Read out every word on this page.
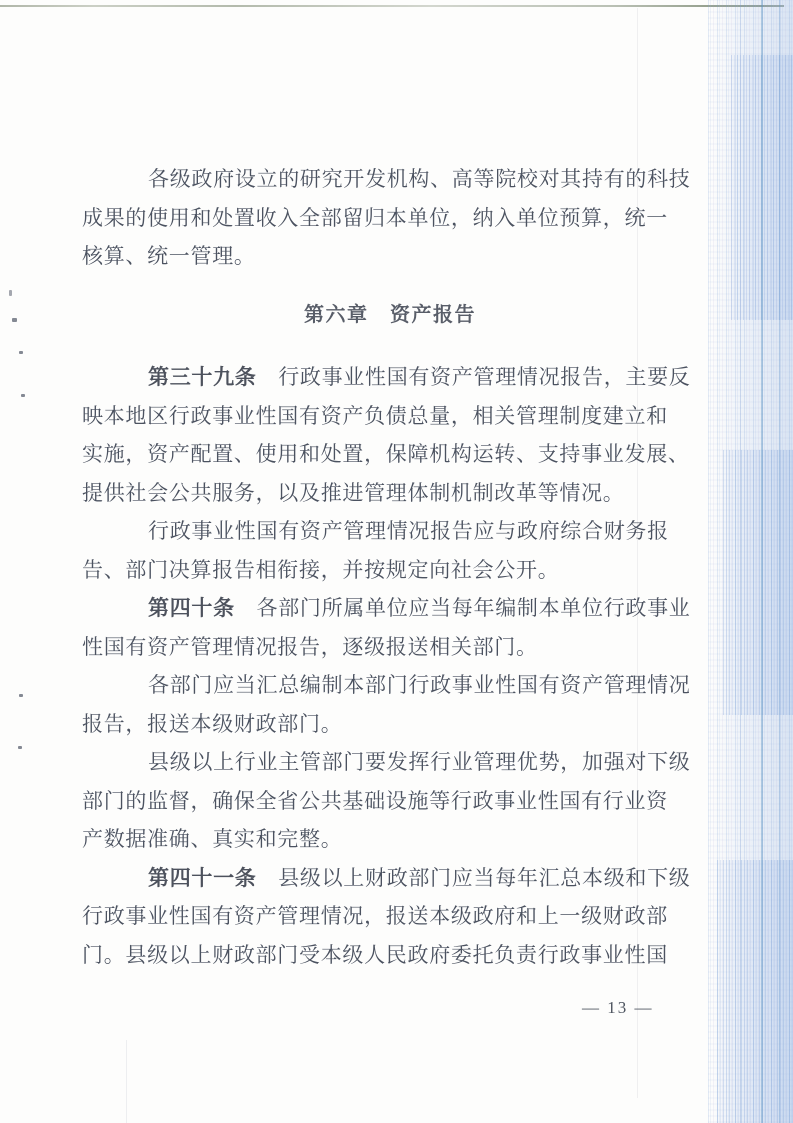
各级政府设立的研究开发机构、高等院校对其持有的科技
成果的使用和处置收入全部留归本单位，纳入单位预算，统一
核算、统一管理。
第六章　资产报告
第三十九条　行政事业性国有资产管理情况报告，主要反
映本地区行政事业性国有资产负债总量，相关管理制度建立和
实施，资产配置、使用和处置，保障机构运转、支持事业发展、
提供社会公共服务，以及推进管理体制机制改革等情况。
行政事业性国有资产管理情况报告应与政府综合财务报
告、部门决算报告相衔接，并按规定向社会公开。
第四十条　各部门所属单位应当每年编制本单位行政事业
性国有资产管理情况报告，逐级报送相关部门。
各部门应当汇总编制本部门行政事业性国有资产管理情况
报告，报送本级财政部门。
县级以上行业主管部门要发挥行业管理优势，加强对下级
部门的监督，确保全省公共基础设施等行政事业性国有行业资
产数据准确、真实和完整。
第四十一条　县级以上财政部门应当每年汇总本级和下级
行政事业性国有资产管理情况，报送本级政府和上一级财政部
门。县级以上财政部门受本级人民政府委托负责行政事业性国
— 13 —
